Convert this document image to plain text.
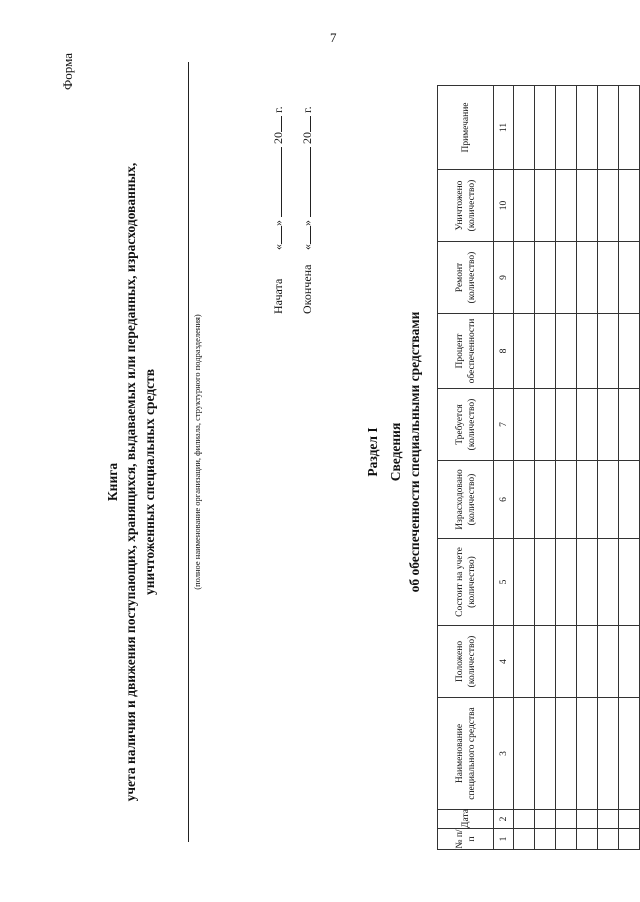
7
Форма
Книга учета наличия и движения поступающих, хранящихся, выдаваемых или переданных, израсходованных, уничтоженных специальных средств	(полное наименование организации, филиала, структурного подразделения)
Начата«»  20 г.
Окончена«»  20 г.
Раздел I Сведения об обеспеченности специальными средствами
№ п/п	Дата	Наименование специального средства	Положено (количество)	Состоит на учете (количество)	Израсходовано (количество)	Требуется (количество)	Процент обеспеченности	Ремонт (количество)	Уничтожено (количество)	Примечание
1	2	3	4	5	6	7	8	9	10	11
